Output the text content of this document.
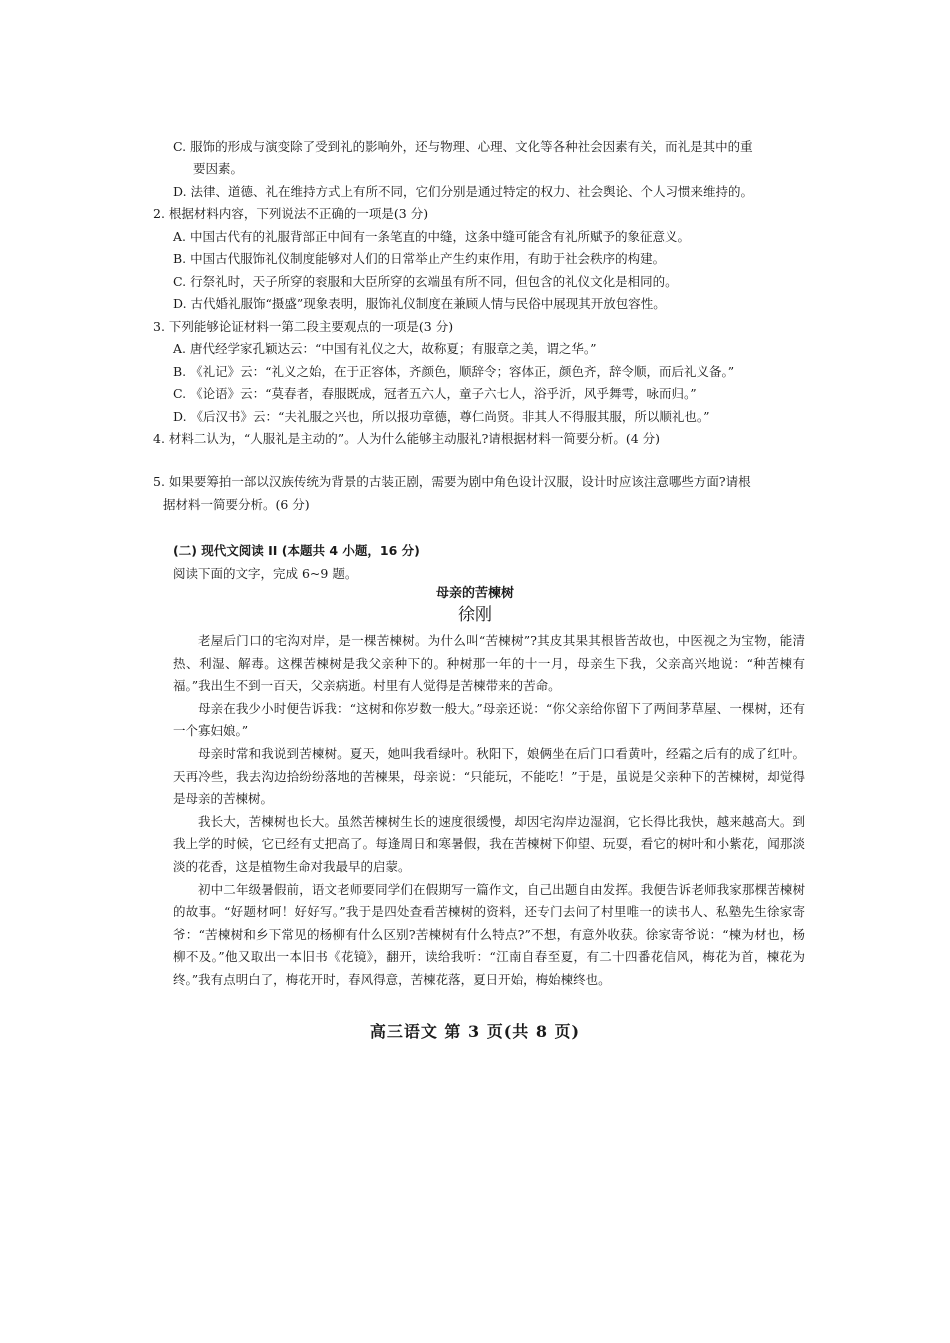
C. 服饰的形成与演变除了受到礼的影响外，还与物理、心理、文化等各种社会因素有关，而礼是其中的重
要因素。
D. 法律、道德、礼在维持方式上有所不同，它们分别是通过特定的权力、社会舆论、个人习惯来维持的。
2. 根据材料内容，下列说法不正确的一项是(3 分)
A. 中国古代有的礼服背部正中间有一条笔直的中缝，这条中缝可能含有礼所赋予的象征意义。
B. 中国古代服饰礼仪制度能够对人们的日常举止产生约束作用，有助于社会秩序的构建。
C. 行祭礼时，天子所穿的衮服和大臣所穿的玄端虽有所不同，但包含的礼仪文化是相同的。
D. 古代婚礼服饰“摄盛”现象表明，服饰礼仪制度在兼顾人情与民俗中展现其开放包容性。
3. 下列能够论证材料一第二段主要观点的一项是(3 分)
A. 唐代经学家孔颖达云：“中国有礼仪之大，故称夏；有服章之美，谓之华。”
B. 《礼记》云：“礼义之始，在于正容体，齐颜色，顺辞令；容体正，颜色齐，辞令顺，而后礼义备。”
C. 《论语》云：“莫春者，春服既成，冠者五六人，童子六七人，浴乎沂，风乎舞雩，咏而归。”
D. 《后汉书》云：“夫礼服之兴也，所以报功章德，尊仁尚贤。非其人不得服其服，所以顺礼也。”
4. 材料二认为，“人服礼是主动的”。人为什么能够主动服礼?请根据材料一简要分析。(4 分)
5. 如果要筹拍一部以汉族传统为背景的古装正剧，需要为剧中角色设计汉服，设计时应该注意哪些方面?请根
据材料一简要分析。(6 分)
(二) 现代文阅读 II (本题共 4 小题，16 分)
阅读下面的文字，完成 6~9 题。
母亲的苦楝树
徐刚

老屋后门口的宅沟对岸，是一棵苦楝树。为什么叫“苦楝树”?其皮其果其根皆苦故也，中医视之为宝物，能清热、利湿、解毒。这棵苦楝树是我父亲种下的。种树那一年的十一月，母亲生下我，父亲高兴地说：“种苦楝有福。”我出生不到一百天，父亲病逝。村里有人觉得是苦楝带来的苦命。

母亲在我少小时便告诉我：“这树和你岁数一般大。”母亲还说：“你父亲给你留下了两间茅草屋、一棵树，还有一个寡妇娘。”

母亲时常和我说到苦楝树。夏天，她叫我看绿叶。秋阳下，娘俩坐在后门口看黄叶，经霜之后有的成了红叶。天再冷些，我去沟边拾纷纷落地的苦楝果，母亲说：“只能玩，不能吃！”于是，虽说是父亲种下的苦楝树，却觉得是母亲的苦楝树。

我长大，苦楝树也长大。虽然苦楝树生长的速度很缓慢，却因宅沟岸边湿润，它长得比我快，越来越高大。到我上学的时候，它已经有丈把高了。每逢周日和寒暑假，我在苦楝树下仰望、玩耍，看它的树叶和小紫花，闻那淡淡的花香，这是植物生命对我最早的启蒙。

初中二年级暑假前，语文老师要同学们在假期写一篇作文，自己出题自由发挥。我便告诉老师我家那棵苦楝树的故事。“好题材呵！好好写。”我于是四处查看苦楝树的资料，还专门去问了村里唯一的读书人、私塾先生徐家寄爷：“苦楝树和乡下常见的杨柳有什么区别?苦楝树有什么特点?”不想，有意外收获。徐家寄爷说：“楝为材也，杨柳不及。”他又取出一本旧书《花镜》，翻开，读给我听：“江南自春至夏，有二十四番花信风，梅花为首，楝花为终。”我有点明白了，梅花开时，春风得意，苦楝花落，夏日开始，梅始楝终也。

高三语文 第 3 页(共 8 页)
